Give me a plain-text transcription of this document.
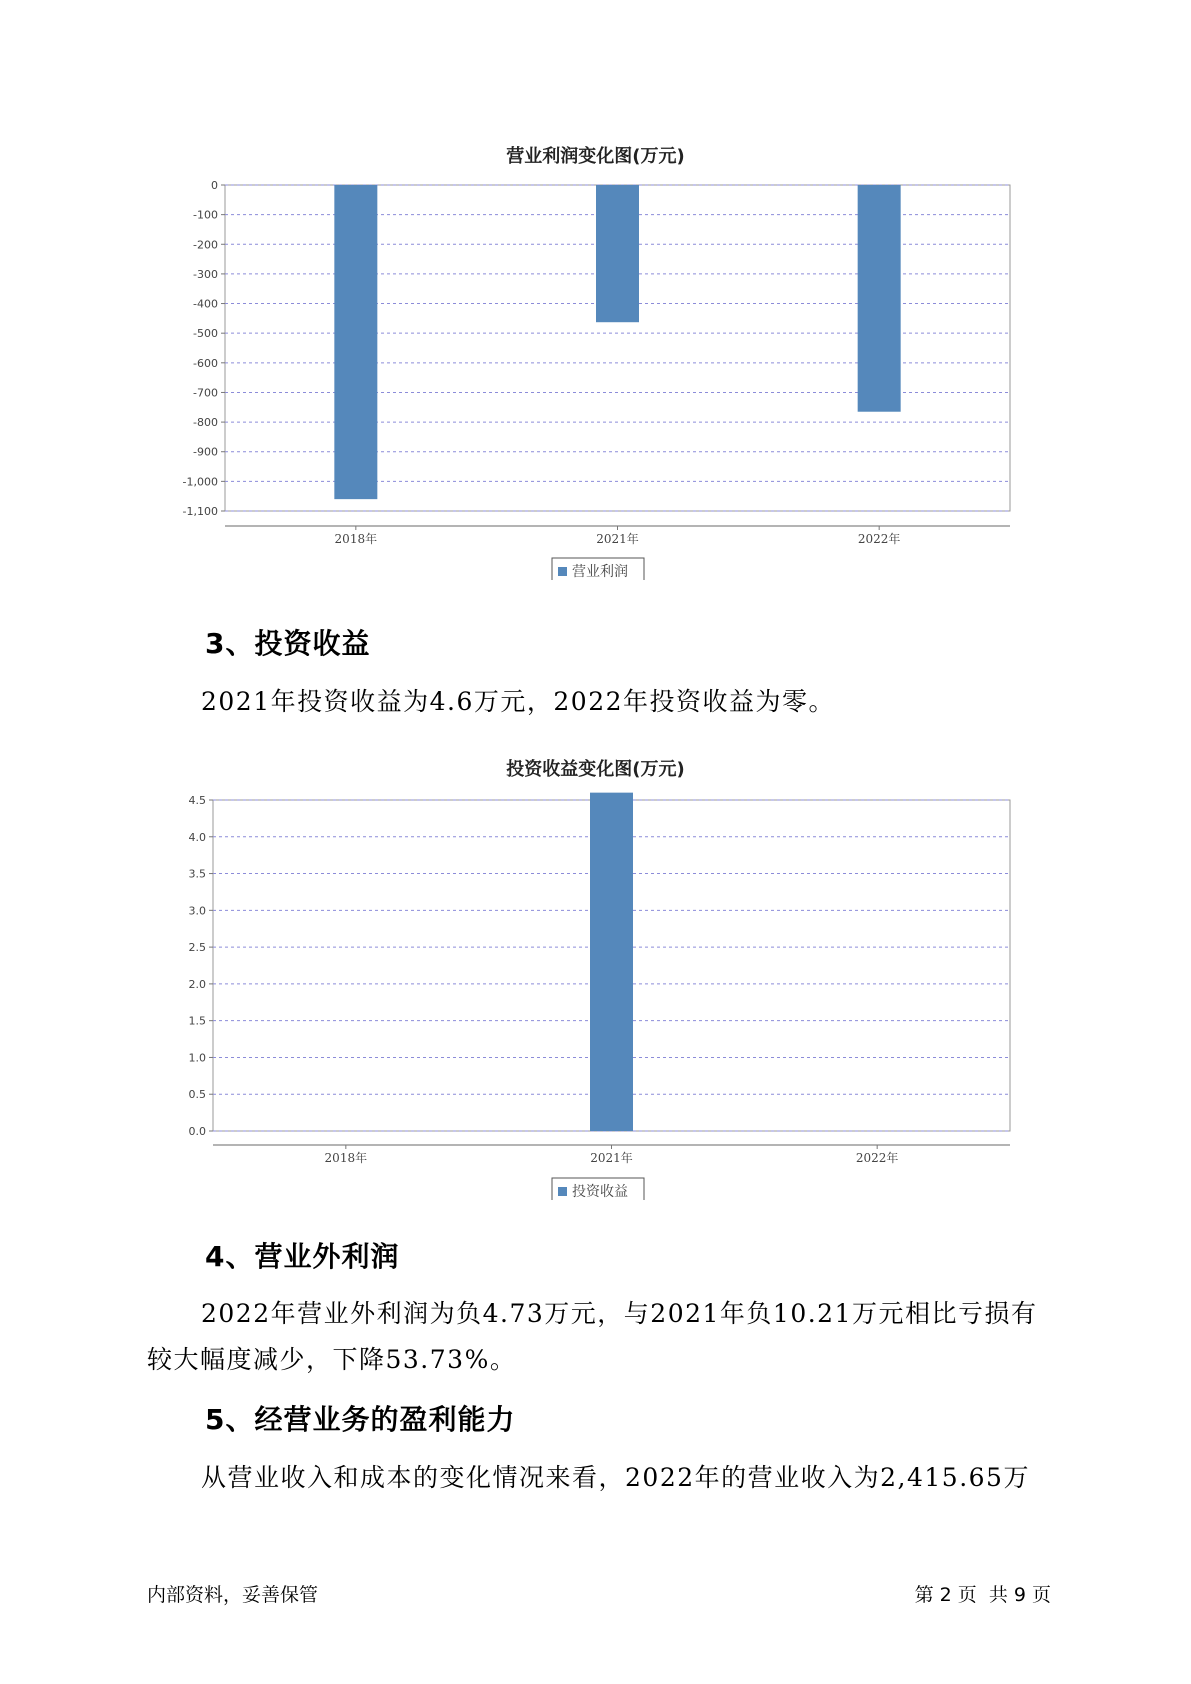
营业利润变化图(万元)
0
-100
-200
-300
-400
-500
-600
-700
-800
-900
-1,000
-1,100
2018年	2021年	2022年
营业利润
3、投资收益

2021年投资收益为4.6万元，2022年投资收益为零。

投资收益变化图(万元)
0.0
0.5
1.0
1.5
2.0
2.5
3.0
3.5
4.0
4.5
2018年	2021年	2022年
投资收益
4、营业外利润

2022年营业外利润为负4.73万元，与2021年负10.21万元相比亏损有较大幅度减少，下降53.73%。

5、经营业务的盈利能力

从营业收入和成本的变化情况来看，2022年的营业收入为2,415.65万

内部资料，妥善保管	第 2 页  共 9 页
